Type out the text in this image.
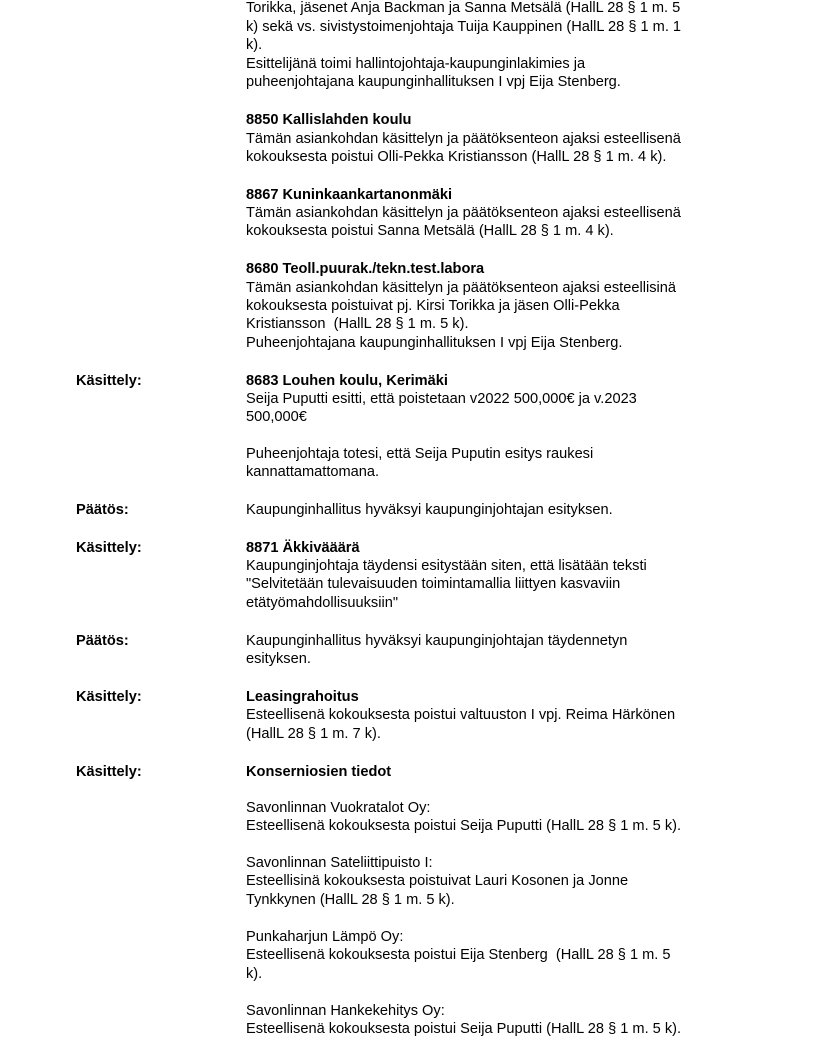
Torikka, jäsenet Anja Backman ja Sanna Metsälä (HallL 28 § 1 m. 5
k) sekä vs. sivistystoimenjohtaja Tuija Kauppinen (HallL 28 § 1 m. 1
k).
Esittelijänä toimi hallintojohtaja-kaupunginlakimies ja
puheenjohtajana kaupunginhallituksen I vpj Eija Stenberg.
8850 Kallislahden koulu
Tämän asiankohdan käsittelyn ja päätöksenteon ajaksi esteellisenä
kokouksesta poistui Olli-Pekka Kristiansson (HallL 28 § 1 m. 4 k).
8867 Kuninkaankartanonmäki
Tämän asiankohdan käsittelyn ja päätöksenteon ajaksi esteellisenä
kokouksesta poistui Sanna Metsälä (HallL 28 § 1 m. 4 k).
8680 Teoll.puurak./tekn.test.labora
Tämän asiankohdan käsittelyn ja päätöksenteon ajaksi esteellisinä
kokouksesta poistuivat pj. Kirsi Torikka ja jäsen Olli-Pekka
Kristiansson  (HallL 28 § 1 m. 5 k).
Puheenjohtajana kaupunginhallituksen I vpj Eija Stenberg.
Käsittely:	8683 Louhen koulu, Kerimäki
Seija Puputti esitti, että poistetaan v2022 500,000€ ja v.2023
500,000€
Puheenjohtaja totesi, että Seija Puputin esitys raukesi
kannattamattomana.
Päätös:	Kaupunginhallitus hyväksyi kaupunginjohtajan esityksen.
Käsittely:	8871 Äkkivääärä
Kaupunginjohtaja täydensi esitystään siten, että lisätään teksti
"Selvitetään tulevaisuuden toimintamallia liittyen kasvaviin
etätyömahdollisuuksiin"
Päätös:	Kaupunginhallitus hyväksyi kaupunginjohtajan täydennetyn
esityksen.
Käsittely:	Leasingrahoitus
Esteellisenä kokouksesta poistui valtuuston I vpj. Reima Härkönen
(HallL 28 § 1 m. 7 k).
Käsittely:	Konserniosien tiedot
Savonlinnan Vuokratalot Oy:
Esteellisenä kokouksesta poistui Seija Puputti (HallL 28 § 1 m. 5 k).
Savonlinnan Sateliittipuisto I:
Esteellisinä kokouksesta poistuivat Lauri Kosonen ja Jonne
Tynkkynen (HallL 28 § 1 m. 5 k).
Punkaharjun Lämpö Oy:
Esteellisenä kokouksesta poistui Eija Stenberg  (HallL 28 § 1 m. 5
k).
Savonlinnan Hankekehitys Oy:
Esteellisenä kokouksesta poistui Seija Puputti (HallL 28 § 1 m. 5 k).
